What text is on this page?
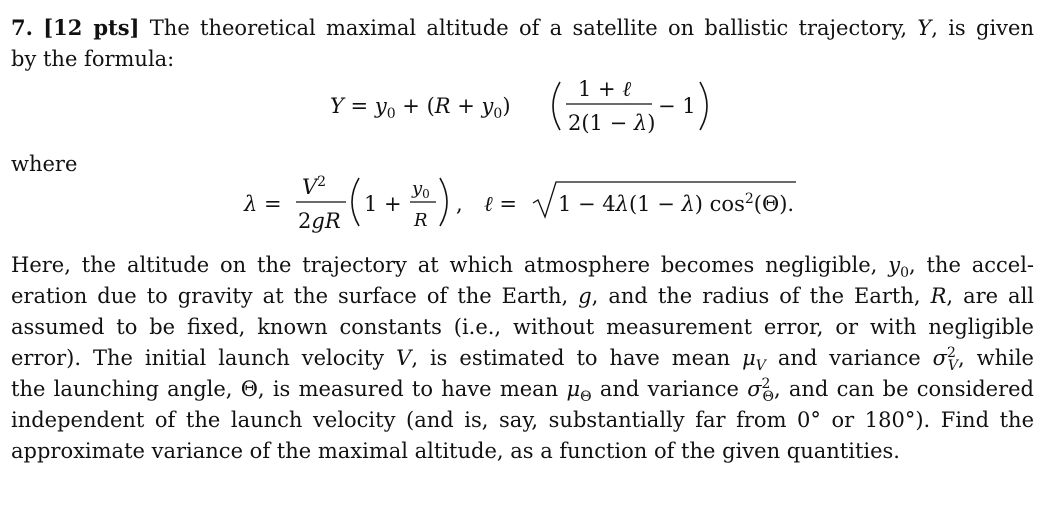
7. [12 pts] The theoretical maximal altitude of a satellite on ballistic trajectory, Y, is given
by the formula:
$Y = y_0 + (R + y_0)$
1 + ℓ
2(1 − λ)
− 1
where
λ =
$V^2$
2gR
1 +
$y_0$
R
, ℓ = 1 − 4λ(1 − λ) $\cos^2(\Theta)$.
Here, the altitude on the trajectory at which atmosphere becomes negligible, $y_0$, the accel-
eration due to gravity at the surface of the Earth, g, and the radius of the Earth, R, are all
assumed to be fixed, known constants (i.e., without measurement error, or with negligible
error). The initial launch velocity V, is estimated to have mean $\mu_V$ and variance $\sigma^2_V$, while
the launching angle, Θ, is measured to have mean $\mu_\Theta$ and variance $\sigma^2_\Theta$, and can be considered
independent of the launch velocity (and is, say, substantially far from 0° or 180°). Find the
approximate variance of the maximal altitude, as a function of the given quantities.
